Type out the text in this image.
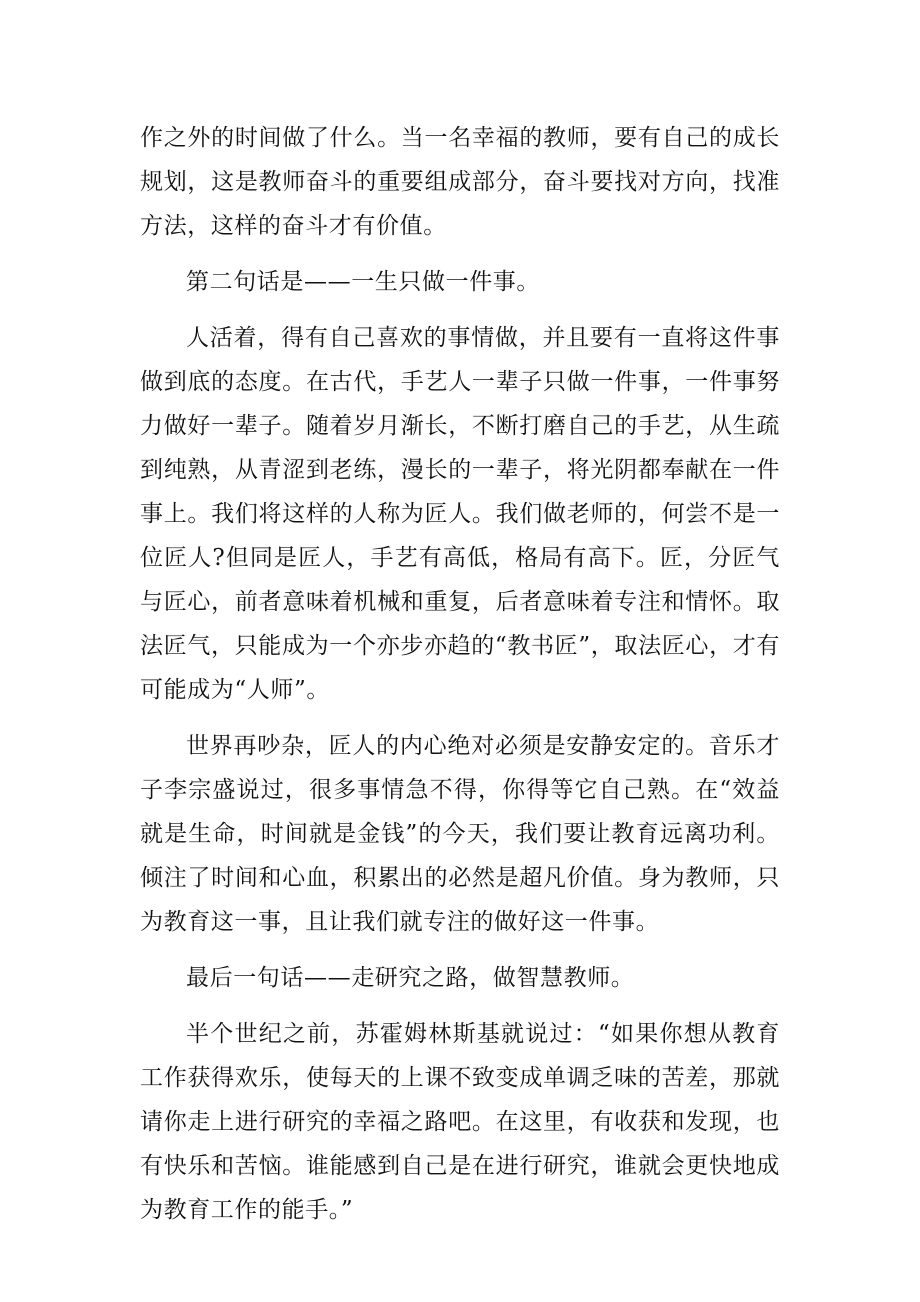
作之外的时间做了什么。当一名幸福的教师，要有自己的成长规划，这是教师奋斗的重要组成部分，奋斗要找对方向，找准方法，这样的奋斗才有价值。

第二句话是——一生只做一件事。

人活着，得有自己喜欢的事情做，并且要有一直将这件事做到底的态度。在古代，手艺人一辈子只做一件事，一件事努力做好一辈子。随着岁月渐长，不断打磨自己的手艺，从生疏到纯熟，从青涩到老练，漫长的一辈子，将光阴都奉献在一件事上。我们将这样的人称为匠人。我们做老师的，何尝不是一位匠人?但同是匠人，手艺有高低，格局有高下。匠，分匠气与匠心，前者意味着机械和重复，后者意味着专注和情怀。取法匠气，只能成为一个亦步亦趋的“教书匠”，取法匠心，才有可能成为“人师”。

世界再吵杂，匠人的内心绝对必须是安静安定的。音乐才子李宗盛说过，很多事情急不得，你得等它自己熟。在“效益就是生命，时间就是金钱”的今天，我们要让教育远离功利。倾注了时间和心血，积累出的必然是超凡价值。身为教师，只为教育这一事，且让我们就专注的做好这一件事。

最后一句话——走研究之路，做智慧教师。

半个世纪之前，苏霍姆林斯基就说过：“如果你想从教育工作获得欢乐，使每天的上课不致变成单调乏味的苦差，那就请你走上进行研究的幸福之路吧。在这里，有收获和发现，也有快乐和苦恼。谁能感到自己是在进行研究，谁就会更快地成为教育工作的能手。”
